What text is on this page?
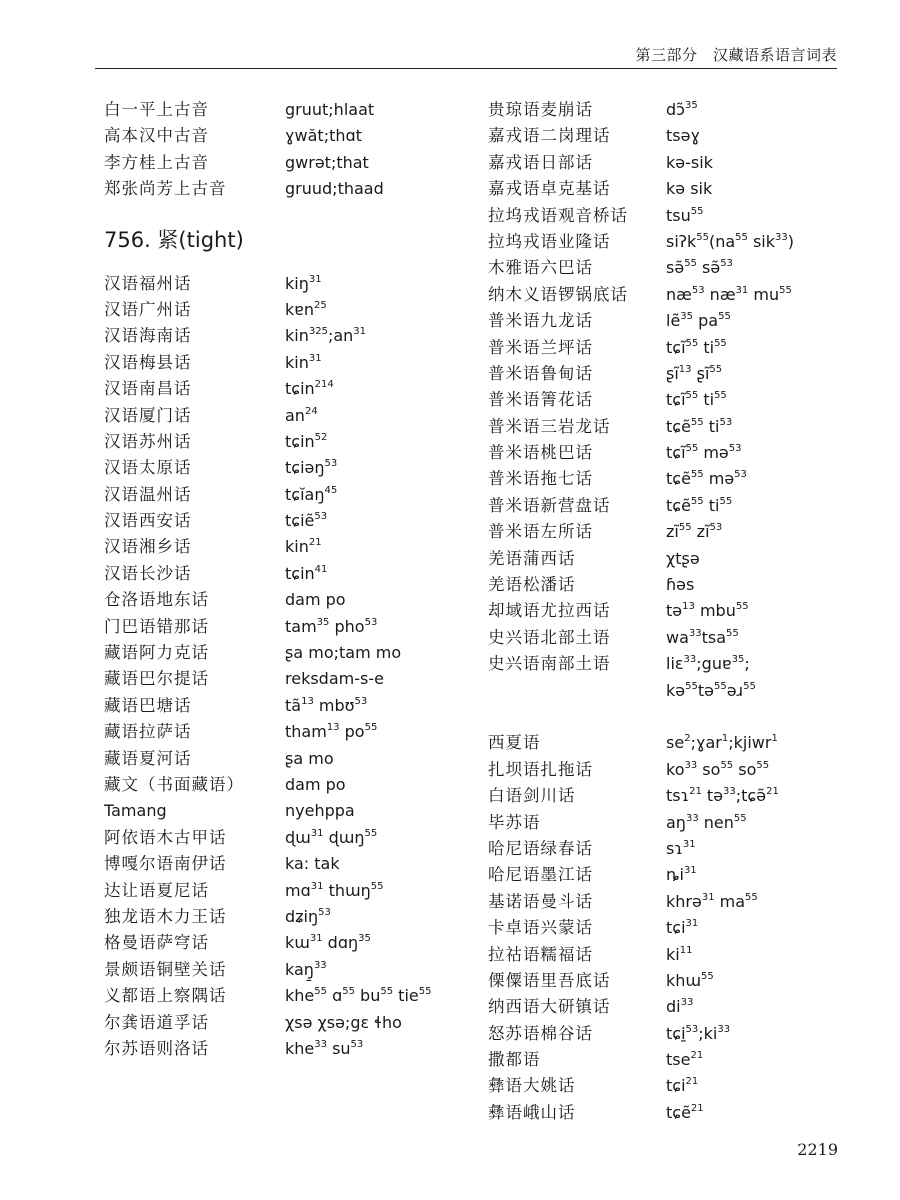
第三部分　汉藏语系语言词表
白一平上古音	gruut;hlaat
高本汉中古音	ɣwăt;thɑt
李方桂上古音	gwrət;that
郑张尚芳上古音	gruud;thaad
756. 紧(tight)
汉语福州话	kiŋ$^{31}$
汉语广州话	kɐn$^{25}$
汉语海南话	$kin^{325};an^{31}$
汉语梅县话	kin$^{31}$
汉语南昌话	tɕin$^{214}$
汉语厦门话	$an^{24}$
汉语苏州话	tɕin$^{52}$
汉语太原话	tɕiəŋ$^{53}$
汉语温州话	tɕĭaŋ$^{45}$
汉语西安话	tɕiẽ$^{53}$
汉语湘乡话	kin$^{21}$
汉语长沙话	tɕin$^{41}$
仓洛语地东话	dam po
门巴语错那话	tam$^{35}$ pho$^{53}$
藏语阿力克话	ʂa mo;tam mo
藏语巴尔提话	reksdam-s-e
藏语巴塘话	$tã^{13}$ mbʊ$^{53}$
藏语拉萨话	tham$^{13}$ $po^{55}$
藏语夏河话	ʂa mo
藏文（书面藏语）	dam po
Tamang	nyehppa
阿依语木古甲话	ɖɯ$^{31}$ ɖɯŋ$^{55}$
博嘎尔语南伊话	ka: tak
达让语夏尼话	mɑ$^{31}$ thɯŋ$^{55}$
独龙语木力王话	dʑiŋ$^{53}$
格曼语萨穹话	kɯ$^{31}$ dɑŋ$^{35}$
景颇语铜壁关话	kaŋ̱$^{33}$
义都语上察隅话	khe$^{55}$ ɑ$^{55}$ $bu^{55}$ tie$^{55}$
尔龚语道孚话	χsə χsə;gɛ ɬho
尔苏语则洛话	khe$^{33}$ $su^{53}$
贵琼语麦崩话	dɔ̃$^{35}$
嘉戎语二岗理话	tsəɣ
嘉戎语日部话	kə-sik
嘉戎语卓克基话	kə sik
拉坞戎语观音桥话 tsu$^{55}$
拉坞戎语业隆话	$siʔk^{55}(na^{55}$ sik$^{33}$)
木雅语六巴话	sə̃$^{55}$ sə̃$^{53}$
纳木义语锣锅底话 $næ^{53}$ $næ^{31}$ $mu^{55}$
普米语九龙话	lẽ$^{35}$ $pa^{55}$
普米语兰坪话	tɕĩ$^{55}$ $ti^{55}$
普米语鲁甸话	ʂĩ$^{13}$ ʂĩ$^{55}$
普米语箐花话	tɕĩ$^{55}$ $ti^{55}$
普米语三岩龙话	tɕẽ$^{55}$ $ti^{53}$
普米语桃巴话	tɕĩ$^{55}$ mə$^{53}$
普米语拖七话	tɕẽ$^{55}$ mə$^{53}$
普米语新营盘话	tɕẽ$^{55}$ $ti^{55}$
普米语左所话	$zĩ^{55}$ $zĩ^{53}$
羌语蒲西话	χtʂə
羌语松潘话	ɦəs
却域语尤拉西话	tə$^{13}$ mbu$^{55}$
史兴语北部土语	$wa^{33}tsa^{55}$
史兴语南部土语	liɛ$^{33}$;guɐ$^{35}$;
kə$^{55}$tə$^{55}$əɹ$^{55}$
西夏语	$se^2;ɣar^1;kjiwr^1$
扎坝语扎拖话	$ko^{33}$ $so^{55}$ $so^{55}$
白语剑川话	tsɿ$^{21}$ tə$^{33}$;tɕə̃$^{21}$
毕苏语	$aŋ^{33}$ nen$^{55}$
哈尼语绿春话	sɿ$^{31}$
哈尼语墨江话	$ȵi^{31}$
基诺语曼斗话	khrə$^{31}$ $ma^{55}$
卡卓语兴蒙话	tɕi$^{31}$
拉祜语糯福话	$ki^{11}$
傈僳语里吾底话	khɯ$^{55}$
纳西语大研镇话	$di^{33}$
怒苏语棉谷话	$tɕi̱^{53};ki^{33}$
撒都语	tse$^{21}$
彝语大姚话	tɕi$^{21}$
彝语峨山话	tɕẽ$^{21}$
2219
